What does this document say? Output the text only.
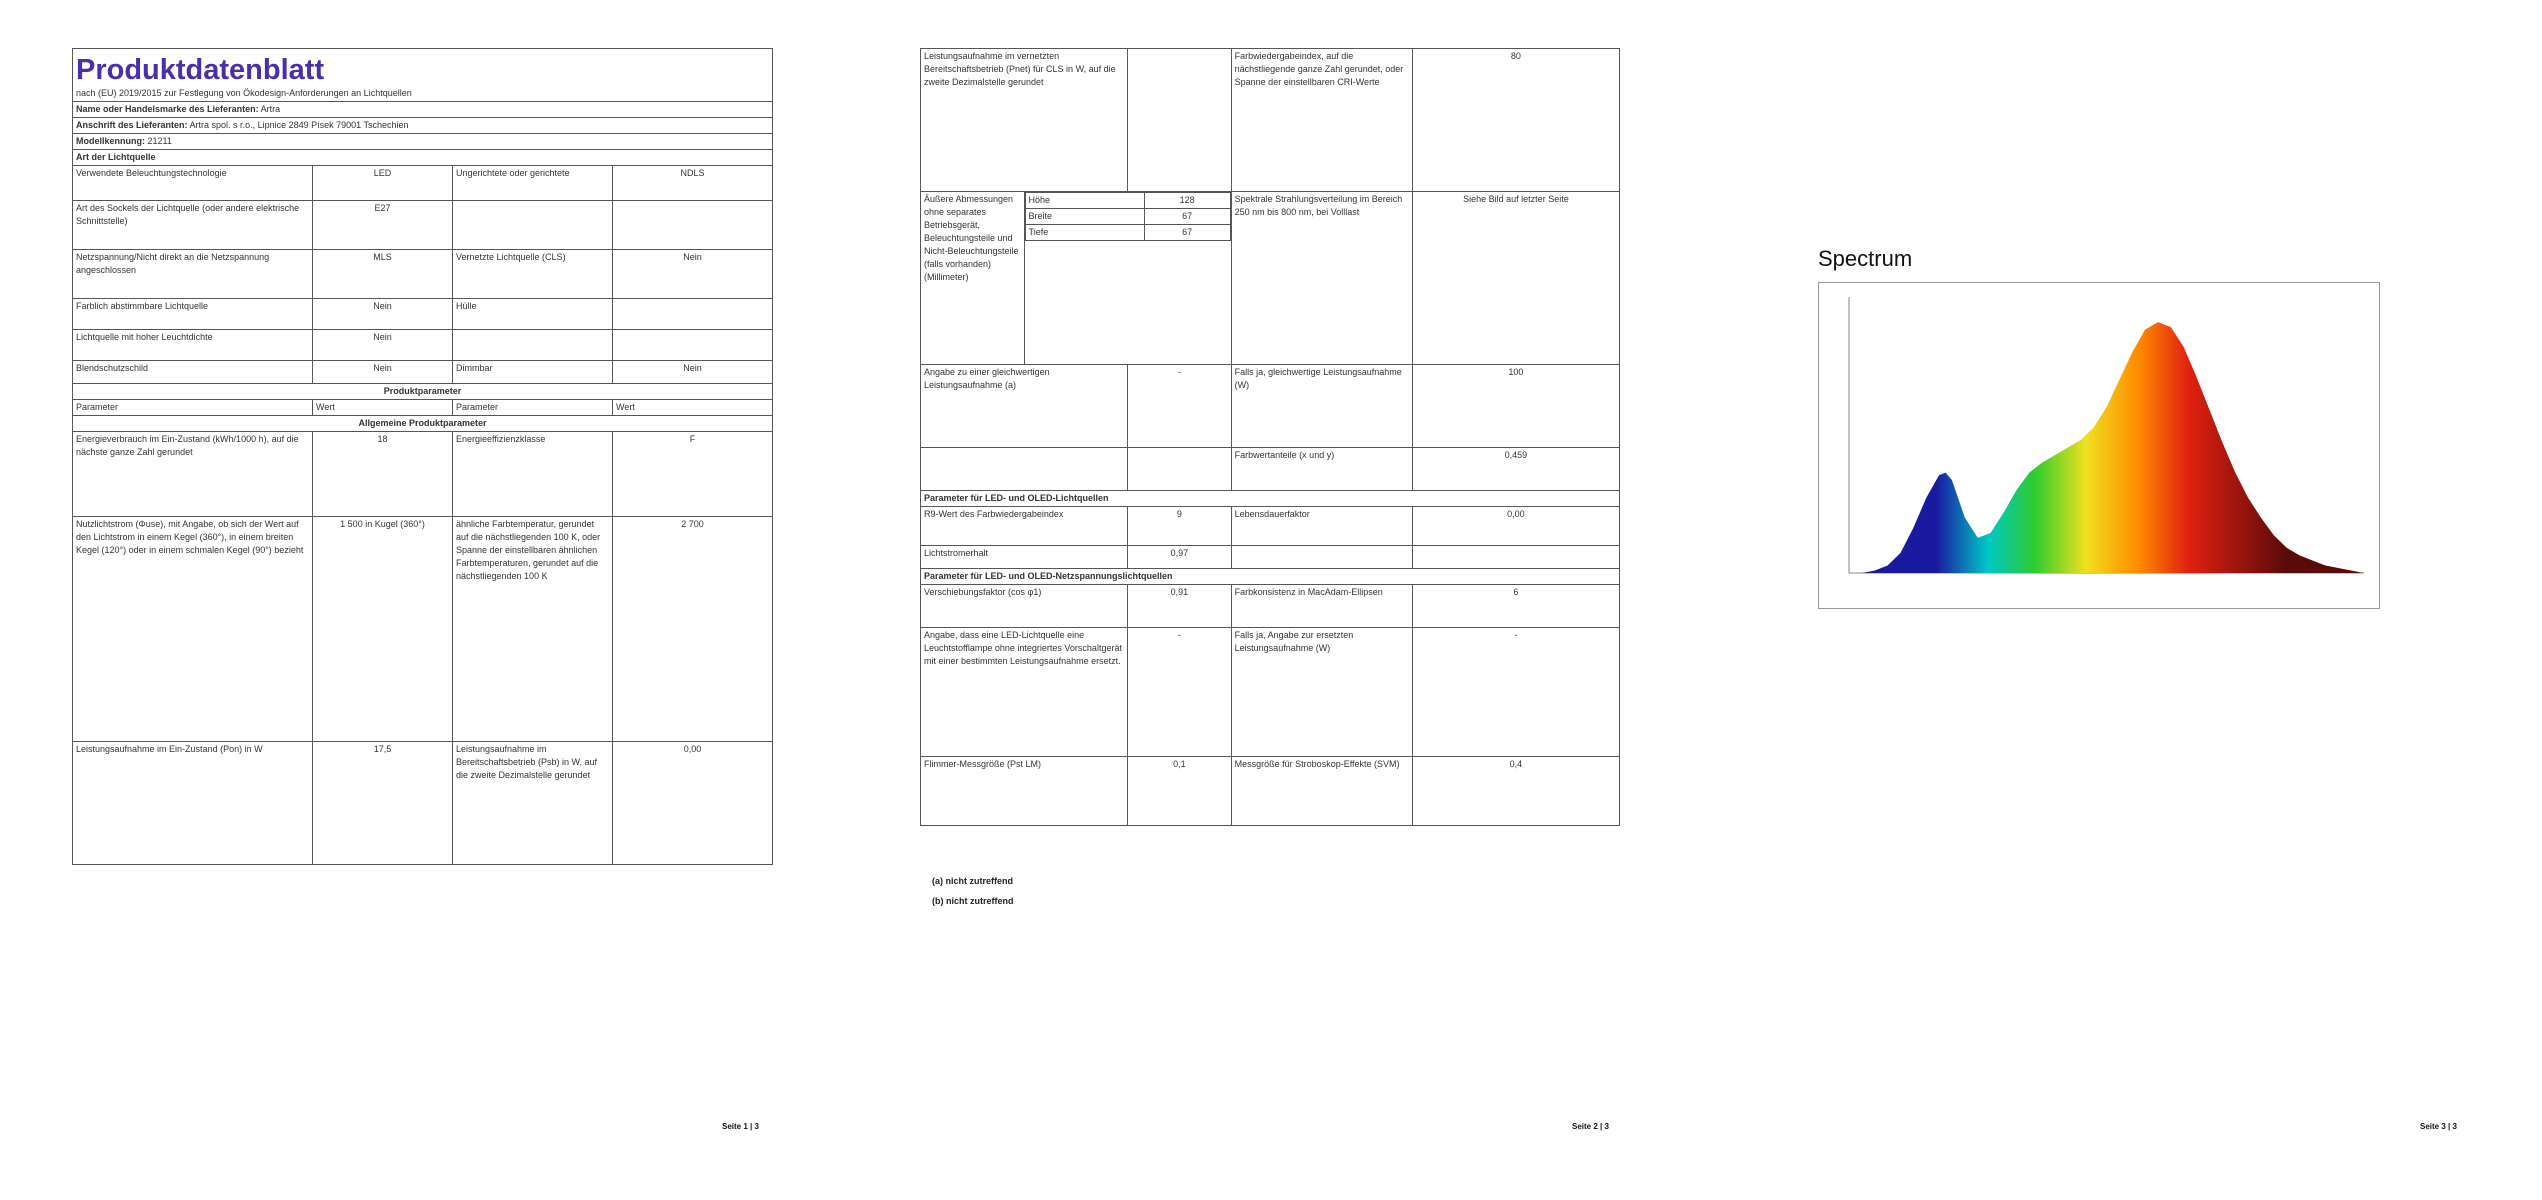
Produktdatenblatt
nach (EU) 2019/2015 zur Festlegung von Ökodesign-Anforderungen an Lichtquellen			

Name oder Handelsmarke des Lieferanten: Artra			
Anschrift des Lieferanten: Artra spol. s r.o., Lipnice 2849 Písek 79001 Tschechien			
Modellkennung: 21211			
Art der Lichtquelle			
Verwendete Beleuchtungstechnologie	LED	Ungerichtete oder gerichtete	NDLS
Art des Sockels der Lichtquelle (oder andere elektrische Schnittstelle)	E27		
Netzspannung/Nicht direkt an die Netzspannung angeschlossen	MLS	Vernetzte Lichtquelle (CLS)	Nein
Farblich abstimmbare Lichtquelle	Nein	Hülle	
Lichtquelle mit hoher Leuchtdichte	Nein		
Blendschutzschild	Nein	Dimmbar	Nein
Produktparameter			
Parameter	Wert	Parameter	Wert
Allgemeine Produktparameter			
Energieverbrauch im Ein-Zustand (kWh/1000 h), auf die nächste ganze Zahl gerundet	18	Energieeffizienzklasse	F
Nutzlichtstrom (Φuse), mit Angabe, ob sich der Wert auf den Lichtstrom in einem Kegel (360°), in einem breiten Kegel (120°) oder in einem schmalen Kegel (90°) bezieht	1 500 in Kugel (360°)	ähnliche Farbtemperatur, gerundet auf die nächstliegenden 100 K, oder Spanne der einstellbaren ähnlichen Farbtemperaturen, gerundet auf die nächstliegenden 100 K	2 700
Leistungsaufnahme im Ein-Zustand (Pon) in W	17,5	Leistungsaufnahme im Bereitschaftsbetrieb (Psb) in W, auf die zweite Dezimalstelle gerundet	0,00
Seite 1 | 3
Leistungsaufnahme im vernetzten Bereitschaftsbetrieb (Pnet) für CLS in W, auf die zweite Dezimalstelle gerundet		Farbwiedergabeindex, auf die nächstliegende ganze Zahl gerundet, oder Spanne der einstellbaren CRI-Werte	80
Äußere Abmessungen ohne separates Betriebsgerät, Beleuchtungsteile und Nicht-Beleuchtungsteile (falls vorhanden) (Millimeter)	
Höhe	128
Breite	67
Tiefe	67
	Spektrale Strahlungsverteilung im Bereich 250 nm bis 800 nm, bei Volllast	Siehe Bild auf letzter Seite
Angabe zu einer gleichwertigen Leistungsaufnahme (a)	-	Falls ja, gleichwertige Leistungsaufnahme (W)	100
		Farbwertanteile (x und y)	0,459
Parameter für LED- und OLED-Lichtquellen
R9-Wert des Farbwiedergabeindex	9	Lebensdauerfaktor	0,00
Lichtstromerhalt	0,97		
Parameter für LED- und OLED-Netzspannungslichtquellen
Verschiebungsfaktor (cos φ1)	0,91	Farbkonsistenz in MacAdam-Ellipsen	6
Angabe, dass eine LED-Lichtquelle eine Leuchtstofflampe ohne integriertes Vorschaltgerät mit einer bestimmten Leistungsaufnahme ersetzt.	-	Falls ja, Angabe zur ersetzten Leistungsaufnahme (W)	-
Flimmer-Messgröße (Pst LM)	0,1	Messgröße für Stroboskop-Effekte (SVM)	0,4
(a) nicht zutreffend
(b) nicht zutreffend
Seite 2 | 3
Spectrum
Seite 3 | 3
